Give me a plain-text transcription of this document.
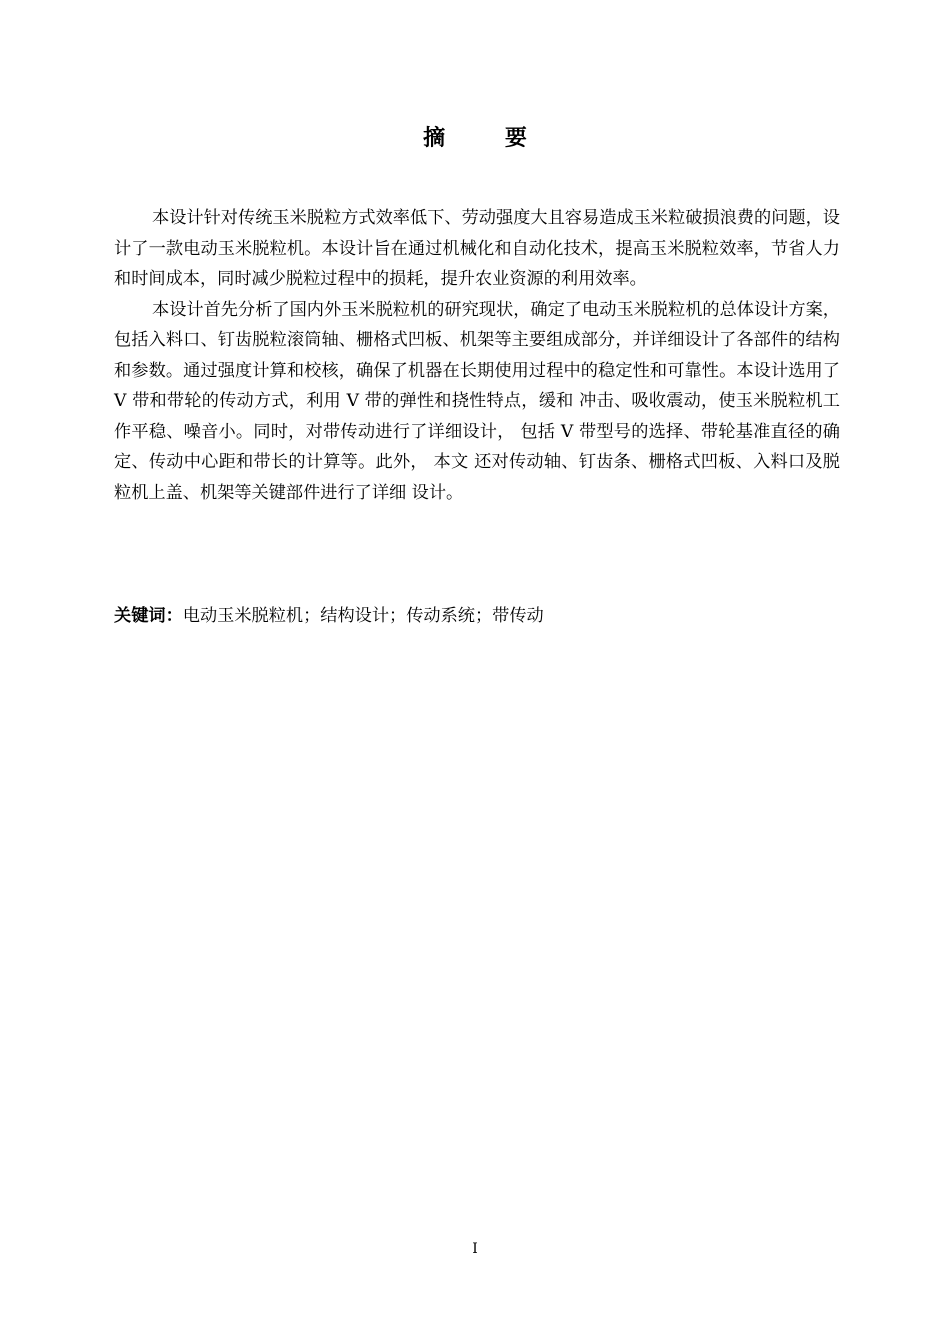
摘 要

本设计针对传统玉米脱粒方式效率低下、劳动强度大且容易造成玉米粒破损浪费的问题，设计了一款电动玉米脱粒机。本设计旨在通过机械化和自动化技术，提高玉米脱粒效率，节省人力和时间成本，同时减少脱粒过程中的损耗，提升农业资源的利用效率。

本设计首先分析了国内外玉米脱粒机的研究现状，确定了电动玉米脱粒机的总体设计方案，包括入料口、钉齿脱粒滚筒轴、栅格式凹板、机架等主要组成部分，并详细设计了各部件的结构和参数。通过强度计算和校核，确保了机器在长期使用过程中的稳定性和可靠性。本设计选用了 V 带和带轮的传动方式，利用 V 带的弹性和挠性特点，缓和 冲击、吸收震动，使玉米脱粒机工作平稳、噪音小。同时，对带传动进行了详细设计， 包括 V 带型号的选择、带轮基准直径的确定、传动中心距和带长的计算等。此外， 本文 还对传动轴、钉齿条、栅格式凹板、入料口及脱粒机上盖、机架等关键部件进行了详细 设计。

关键词：电动玉米脱粒机；结构设计；传动系统；带传动
I
